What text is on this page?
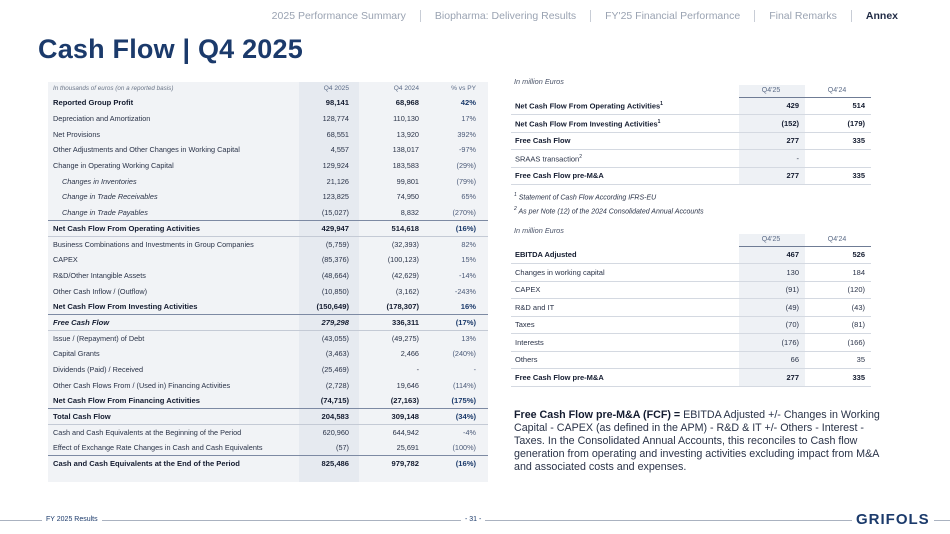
2025 Performance Summary	Biopharma: Delivering Results	FY'25 Financial Performance	Final Remarks	Annex
Cash Flow | Q4 2025
In thousands of euros (on a reported basis)	Q4 2025	Q4 2024	% vs PY
Reported Group Profit	98,141	68,968	42%
Depreciation and Amortization	128,774	110,130	17%
Net Provisions	68,551	13,920	392%
Other Adjustments and Other Changes in Working Capital	4,557	138,017	-97%
Change in Operating Working Capital	129,924	183,583	(29%)
Changes in Inventories	21,126	99,801	(79%)
Change in Trade Receivables	123,825	74,950	65%
Change in Trade Payables	(15,027)	8,832	(270%)
Net Cash Flow From Operating Activities	429,947	514,618	(16%)
Business Combinations and Investments in Group Companies	(5,759)	(32,393)	82%
CAPEX	(85,376)	(100,123)	15%
R&D/Other Intangible Assets	(48,664)	(42,629)	-14%
Other Cash Inflow / (Outflow)	(10,850)	(3,162)	-243%
Net Cash Flow From Investing Activities	(150,649)	(178,307)	16%
Free Cash Flow	279,298	336,311	(17%)
Issue / (Repayment) of Debt	(43,055)	(49,275)	13%
Capital Grants	(3,463)	2,466	(240%)
Dividends (Paid) / Received	(25,469)	-	-
Other Cash Flows From / (Used in) Financing Activities	(2,728)	19,646	(114%)
Net Cash Flow From Financing Activities	(74,715)	(27,163)	(175%)
Total Cash Flow	204,583	309,148	(34%)
Cash and Cash Equivalents at the Beginning of the Period	620,960	644,942	-4%
Effect of Exchange Rate Changes in Cash and Cash Equivalents	(57)	25,691	(100%)
Cash and Cash Equivalents at the End of the Period	825,486	979,782	(16%)
In million Euros
	Q4'25	Q4'24
Net Cash Flow From Operating Activities$^1$	429	514
Net Cash Flow From Investing Activities$^1$	(152)	(179)
Free Cash Flow	277	335
SRAAS transaction$^2$	-	
Free Cash Flow pre-M&A	277	335
$^1$ Statement of Cash Flow According IFRS-EU
$^2$ As per Note (12) of the 2024 Consolidated Annual Accounts
In million Euros
	Q4'25	Q4'24
EBITDA Adjusted	467	526
Changes in working capital	130	184
CAPEX	(91)	(120)
R&D and IT	(49)	(43)
Taxes	(70)	(81)
Interests	(176)	(166)
Others	66	35
Free Cash Flow pre-M&A	277	335
Free Cash Flow pre-M&A (FCF) = EBITDA Adjusted +/- Changes in Working Capital - CAPEX (as defined in the APM) - R&D & IT +/- Others - Interest - Taxes. In the Consolidated Annual Accounts, this reconciles to Cash flow generation from operating and investing activities excluding impact from M&A and associated costs and expenses.
FY 2025 Results	- 31 -	GRIFOLS
